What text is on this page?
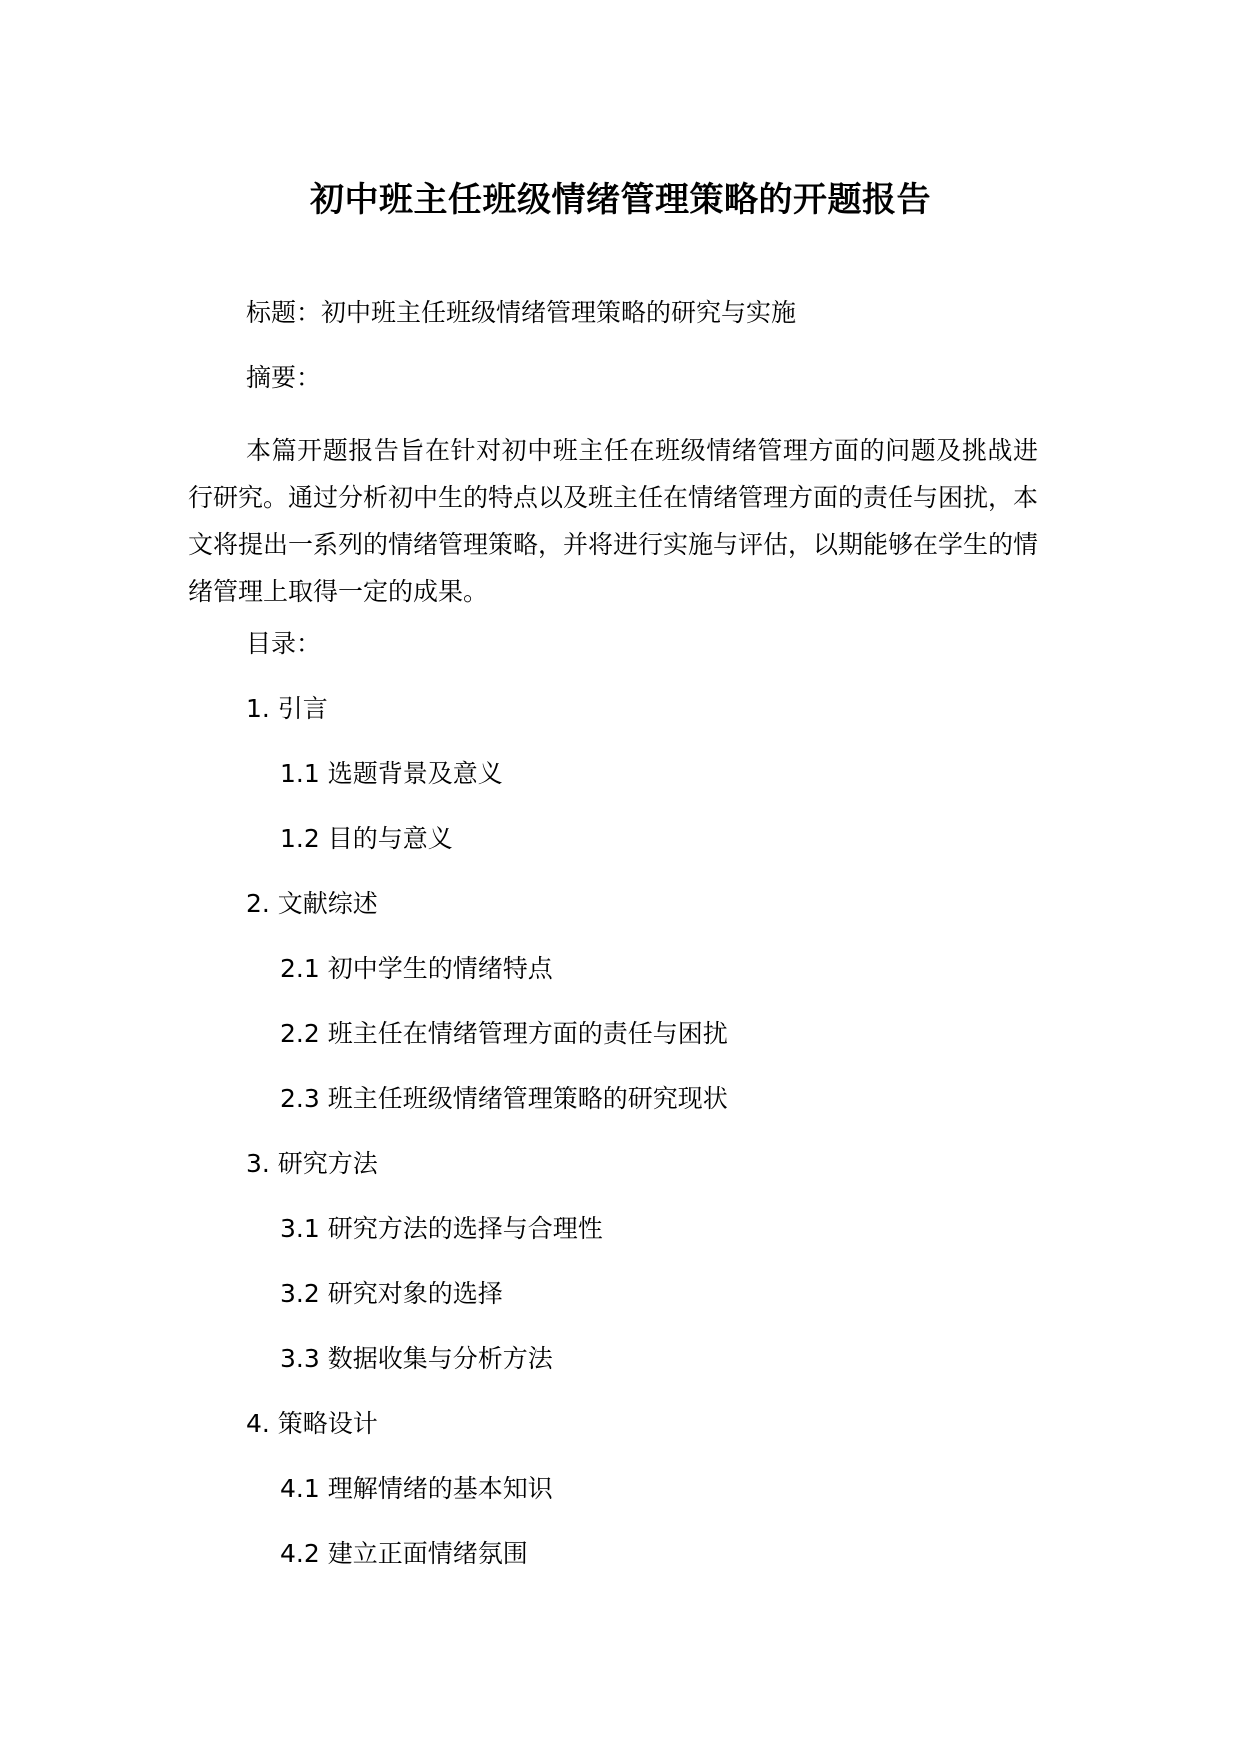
初中班主任班级情绪管理策略的开题报告

标题：初中班主任班级情绪管理策略的研究与实施

摘要：

本篇开题报告旨在针对初中班主任在班级情绪管理方面的问题及挑战进行研究。通过分析初中生的特点以及班主任在情绪管理方面的责任与困扰，本文将提出一系列的情绪管理策略，并将进行实施与评估，以期能够在学生的情绪管理上取得一定的成果。

目录：

1. 引言

1.1 选题背景及意义

1.2 目的与意义

2. 文献综述

2.1 初中学生的情绪特点

2.2 班主任在情绪管理方面的责任与困扰

2.3 班主任班级情绪管理策略的研究现状

3. 研究方法

3.1 研究方法的选择与合理性

3.2 研究对象的选择

3.3 数据收集与分析方法

4. 策略设计

4.1 理解情绪的基本知识

4.2 建立正面情绪氛围
